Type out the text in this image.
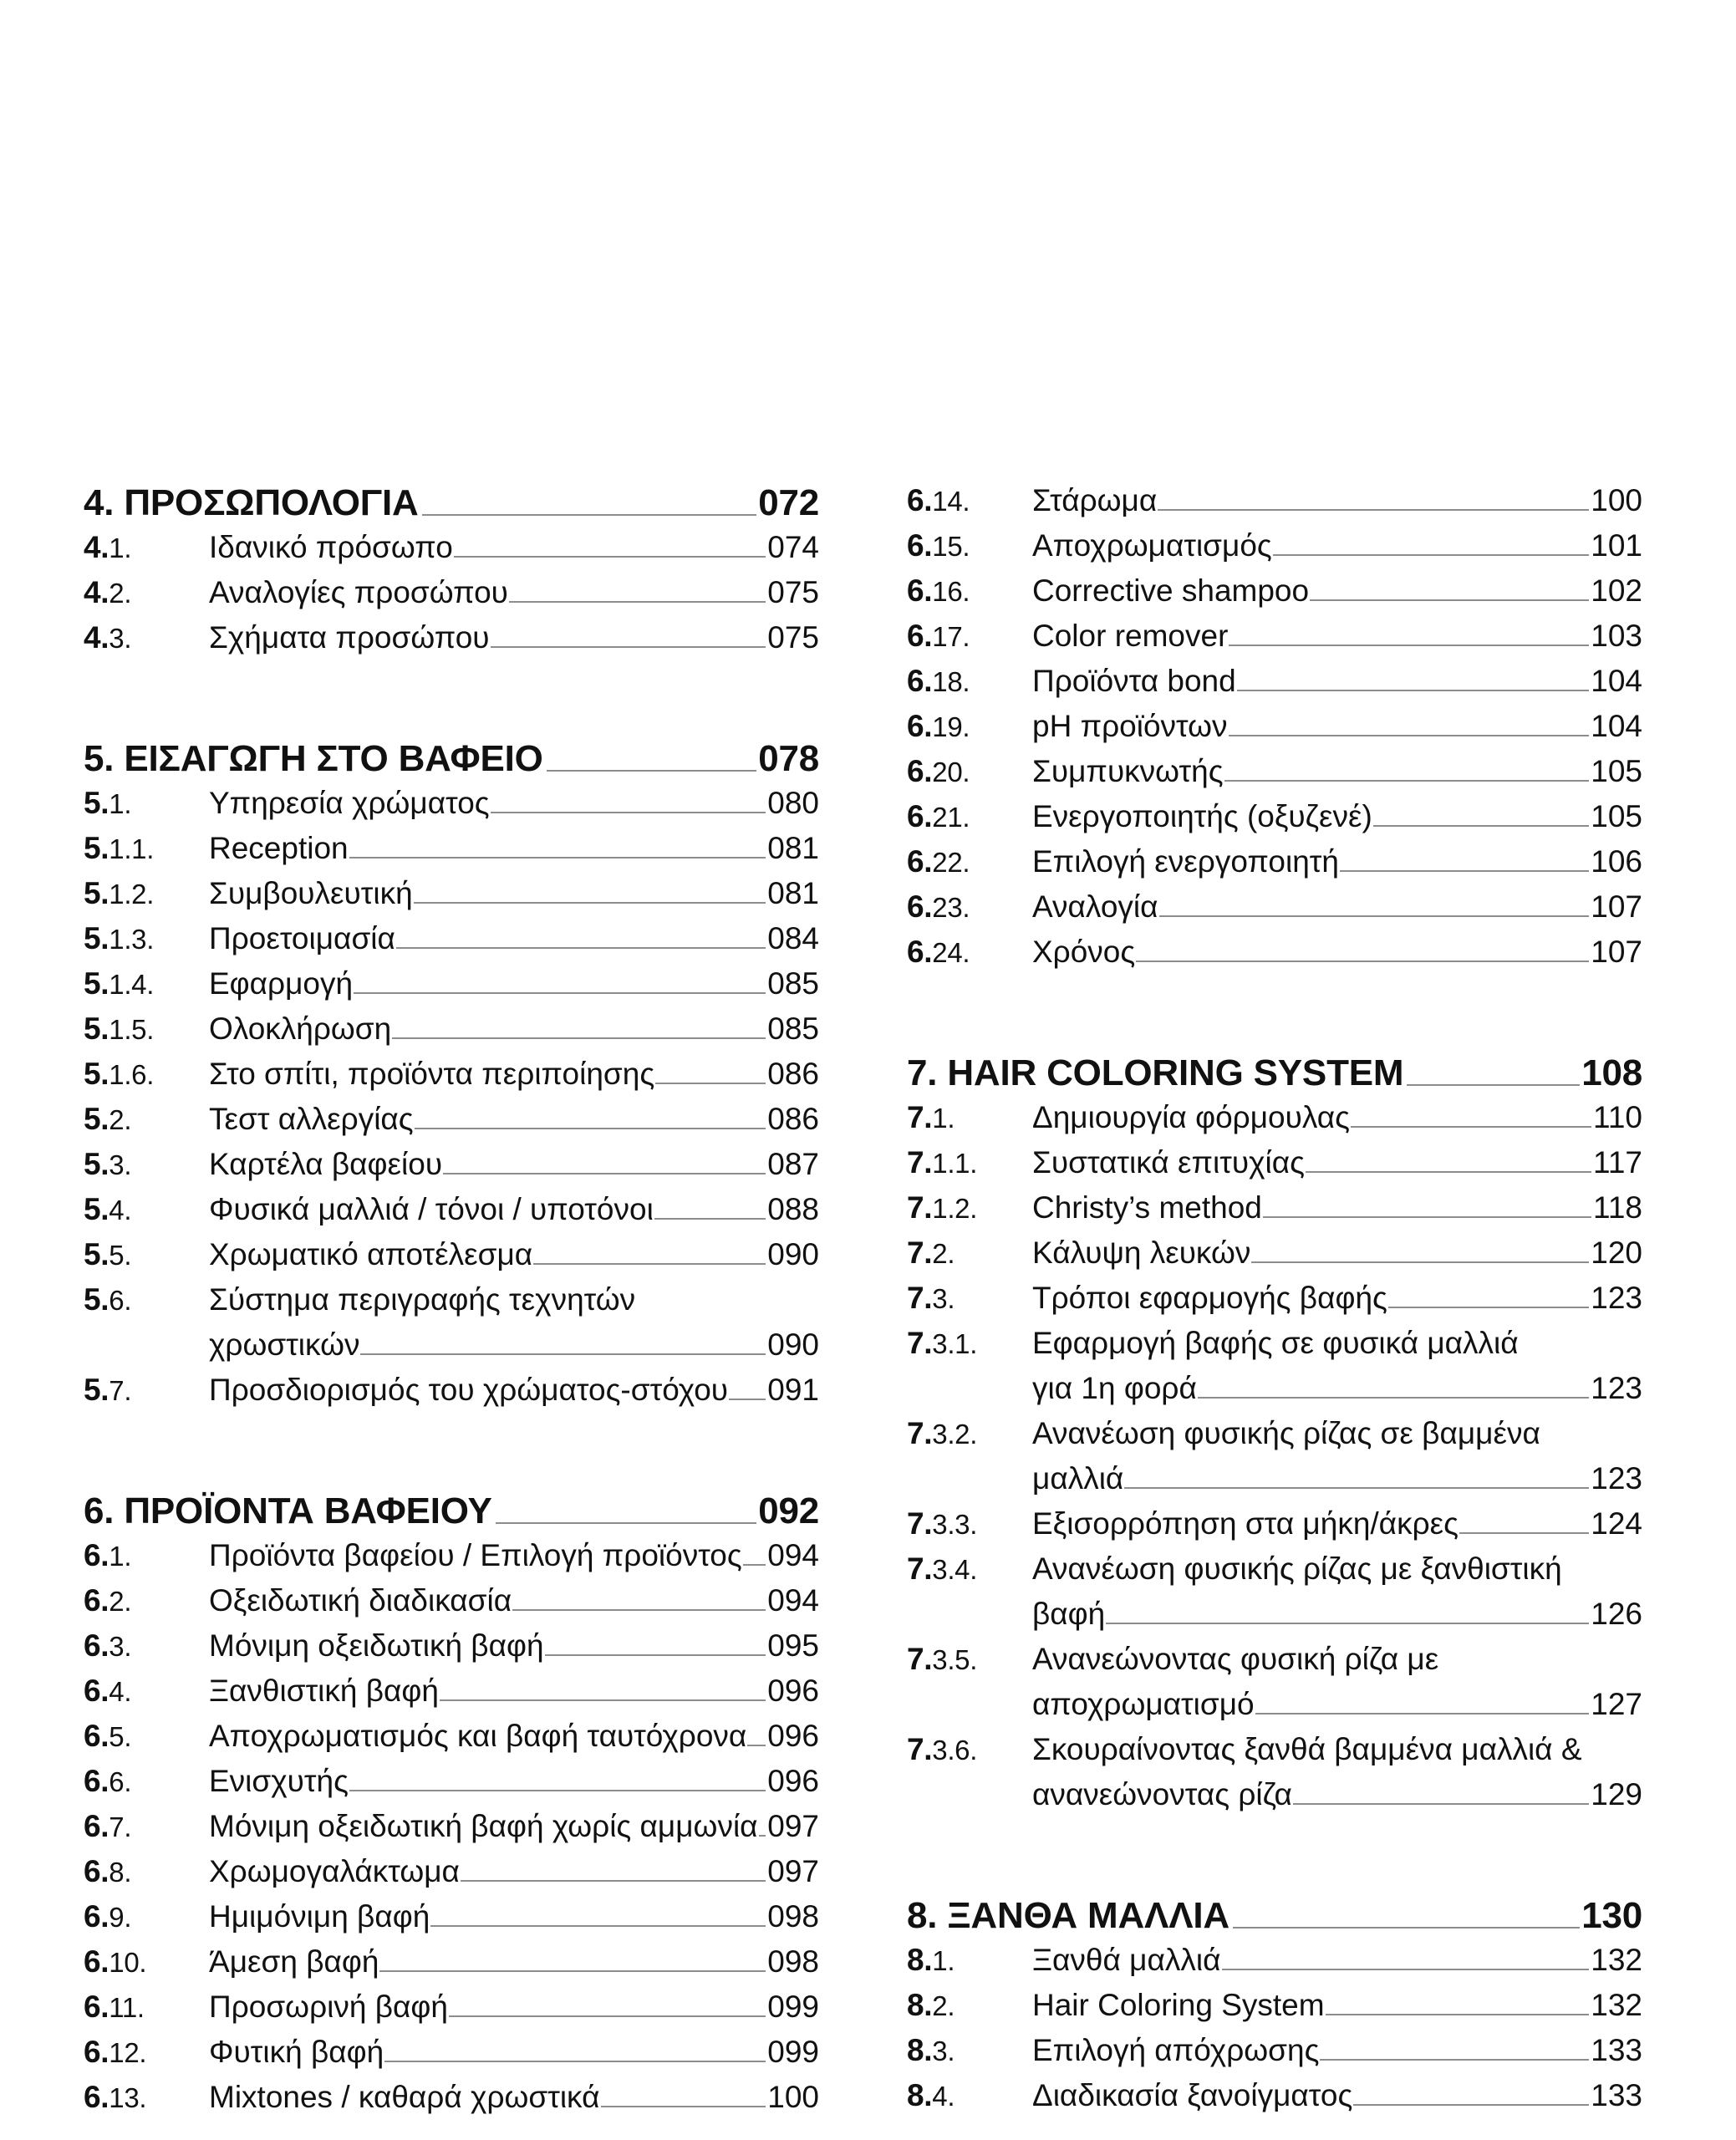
4. ΠΡΟΣΩΠΟΛΟΓΙΑ	072
4.1.	Ιδανικό πρόσωπο	074
4.2.	Αναλογίες προσώπου	075
4.3.	Σχήματα προσώπου	075
5. ΕΙΣΑΓΩΓΗ ΣΤΟ ΒΑΦΕΙΟ	078
5.1.	Υπηρεσία χρώματος	080
5.1.1.	Reception	081
5.1.2.	Συμβουλευτική	081
5.1.3.	Προετοιμασία	084
5.1.4.	Εφαρμογή	085
5.1.5.	Ολοκλήρωση	085
5.1.6.	Στο σπίτι, προϊόντα περιποίησης	086
5.2.	Τεστ αλλεργίας	086
5.3.	Καρτέλα βαφείου	087
5.4.	Φυσικά μαλλιά / τόνοι / υποτόνοι	088
5.5.	Χρωματικό αποτέλεσμα	090
5.6.	Σύστημα περιγραφής τεχνητών
χρωστικών	090
5.7.	Προσδιορισμός του χρώματος-στόχου 091
6. ΠΡΟΪΟΝΤΑ ΒΑΦΕΙΟΥ	092
6.1.	Προϊόντα βαφείου / Επιλογή προϊόντος 094
6.2.	Οξειδωτική διαδικασία	094
6.3.	Μόνιμη οξειδωτική βαφή	095
6.4.	Ξανθιστική βαφή	096
6.5.	Αποχρωματισμός και βαφή ταυτόχρονα 096
6.6.	Ενισχυτής	096
6.7.	Μόνιμη οξειδωτική βαφή χωρίς αμμωνία 097
6.8.	Χρωμογαλάκτωμα	097
6.9.	Ημιμόνιμη βαφή	098
6.10.	Άμεση βαφή	098
6.11.	Προσωρινή βαφή	099
6.12.	Φυτική βαφή	099
6.13.	Mixtones / καθαρά χρωστικά	100
6.14.	Στάρωμα	100
6.15.	Αποχρωματισμός	101
6.16.	Corrective shampoo	102
6.17.	Color remover	103
6.18.	Προϊόντα bond	104
6.19.	pH προϊόντων	104
6.20.	Συμπυκνωτής	105
6.21.	Ενεργοποιητής (οξυζενέ)	105
6.22.	Επιλογή ενεργοποιητή	106
6.23.	Αναλογία	107
6.24.	Χρόνος	107
7. HAIR COLORING SYSTEM	108
7.1.	Δημιουργία φόρμουλας	110
7.1.1.	Συστατικά επιτυχίας	117
7.1.2.	Christy’s method	118
7.2.	Κάλυψη λευκών	120
7.3.	Τρόποι εφαρμογής βαφής	123
7.3.1.	Εφαρμογή βαφής σε φυσικά μαλλιά
για 1η φορά	123
7.3.2.	Ανανέωση φυσικής ρίζας σε βαμμένα
μαλλιά	123
7.3.3.	Εξισορρόπηση στα μήκη/άκρες	124
7.3.4.	Ανανέωση φυσικής ρίζας με ξανθιστική
βαφή	126
7.3.5.	Ανανεώνοντας φυσική ρίζα με
αποχρωματισμό	127
7.3.6.	Σκουραίνοντας ξανθά βαμμένα μαλλιά &
ανανεώνοντας ρίζα	129
8. ΞΑΝΘΑ ΜΑΛΛΙΑ	130
8.1.	Ξανθά μαλλιά	132
8.2.	Hair Coloring System	132
8.3.	Επιλογή απόχρωσης	133
8.4.	Διαδικασία ξανοίγματος	133
